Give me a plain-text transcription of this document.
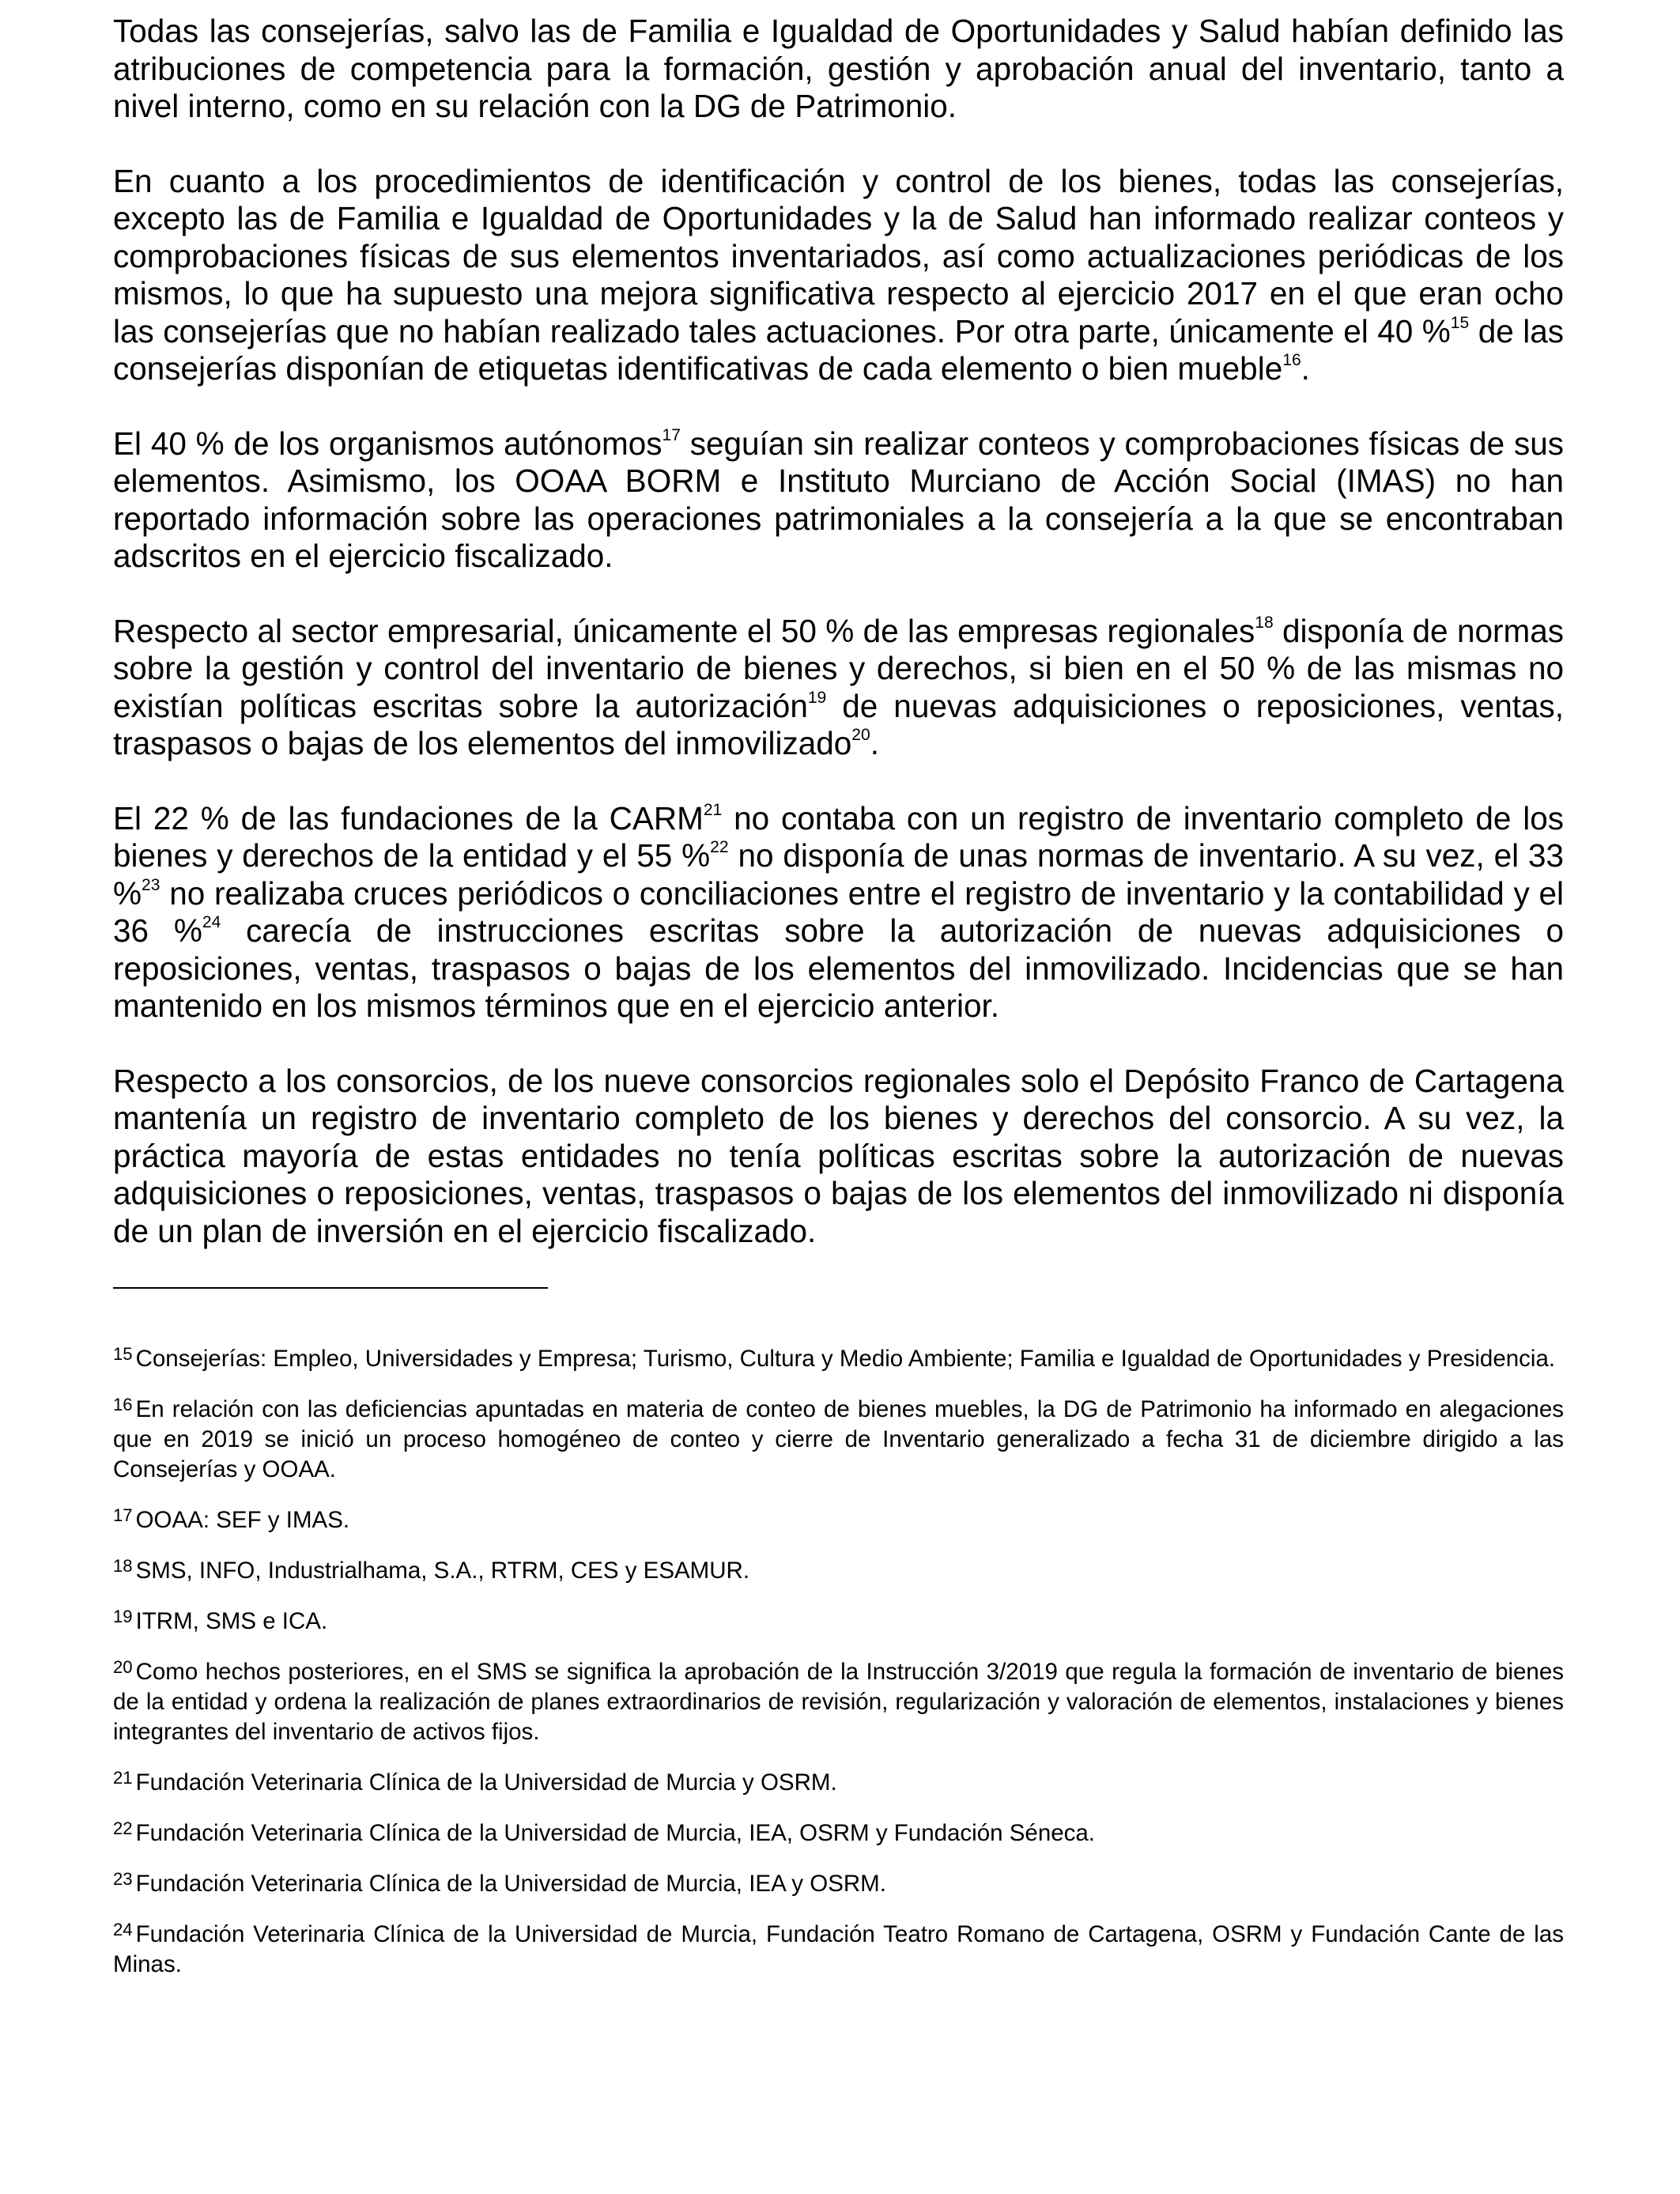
Todas las consejerías, salvo las de Familia e Igualdad de Oportunidades y Salud habían definido las atribuciones de competencia para la formación, gestión y aprobación anual del inventario, tanto a nivel interno, como en su relación con la DG de Patrimonio.

En cuanto a los procedimientos de identificación y control de los bienes, todas las consejerías, excepto las de Familia e Igualdad de Oportunidades y la de Salud han informado realizar conteos y comprobaciones físicas de sus elementos inventariados, así como actualizaciones periódicas de los mismos, lo que ha supuesto una mejora significativa respecto al ejercicio 2017 en el que eran ocho las consejerías que no habían realizado tales actuaciones. Por otra parte, únicamente el 40 %$^{15}$ de las consejerías disponían de etiquetas identificativas de cada elemento o bien mueble$^{16}$.

El 40 % de los organismos autónomos$^{17}$ seguían sin realizar conteos y comprobaciones físicas de sus elementos. Asimismo, los OOAA BORM e Instituto Murciano de Acción Social (IMAS) no han reportado información sobre las operaciones patrimoniales a la consejería a la que se encontraban adscritos en el ejercicio fiscalizado.

Respecto al sector empresarial, únicamente el 50 % de las empresas regionales$^{18}$ disponía de normas sobre la gestión y control del inventario de bienes y derechos, si bien en el 50 % de las mismas no existían políticas escritas sobre la autorización$^{19}$ de nuevas adquisiciones o reposiciones, ventas, traspasos o bajas de los elementos del inmovilizado$^{20}$.

El 22 % de las fundaciones de la CARM$^{21}$ no contaba con un registro de inventario completo de los bienes y derechos de la entidad y el 55 %$^{22}$ no disponía de unas normas de inventario. A su vez, el 33 %$^{23}$ no realizaba cruces periódicos o conciliaciones entre el registro de inventario y la contabilidad y el 36 %$^{24}$ carecía de instrucciones escritas sobre la autorización de nuevas adquisiciones o reposiciones, ventas, traspasos o bajas de los elementos del inmovilizado. Incidencias que se han mantenido en los mismos términos que en el ejercicio anterior.

Respecto a los consorcios, de los nueve consorcios regionales solo el Depósito Franco de Cartagena mantenía un registro de inventario completo de los bienes y derechos del consorcio. A su vez, la práctica mayoría de estas entidades no tenía políticas escritas sobre la autorización de nuevas adquisiciones o reposiciones, ventas, traspasos o bajas de los elementos del inmovilizado ni disponía de un plan de inversión en el ejercicio fiscalizado.

$^{15}$ Consejerías: Empleo, Universidades y Empresa; Turismo, Cultura y Medio Ambiente; Familia e Igualdad de Oportunidades y Presidencia.

$^{16}$ En relación con las deficiencias apuntadas en materia de conteo de bienes muebles, la DG de Patrimonio ha informado en alegaciones que en 2019 se inició un proceso homogéneo de conteo y cierre de Inventario generalizado a fecha 31 de diciembre dirigido a las Consejerías y OOAA.

$^{17}$ OOAA: SEF y IMAS.

$^{18}$ SMS, INFO, Industrialhama, S.A., RTRM, CES y ESAMUR.

$^{19}$ ITRM, SMS e ICA.

$^{20}$ Como hechos posteriores, en el SMS se significa la aprobación de la Instrucción 3/2019 que regula la formación de inventario de bienes de la entidad y ordena la realización de planes extraordinarios de revisión, regularización y valoración de elementos, instalaciones y bienes integrantes del inventario de activos fijos.

$^{21}$ Fundación Veterinaria Clínica de la Universidad de Murcia y OSRM.

$^{22}$ Fundación Veterinaria Clínica de la Universidad de Murcia, IEA, OSRM y Fundación Séneca.

$^{23}$ Fundación Veterinaria Clínica de la Universidad de Murcia, IEA y OSRM.

$^{24}$ Fundación Veterinaria Clínica de la Universidad de Murcia, Fundación Teatro Romano de Cartagena, OSRM y Fundación Cante de las Minas.
